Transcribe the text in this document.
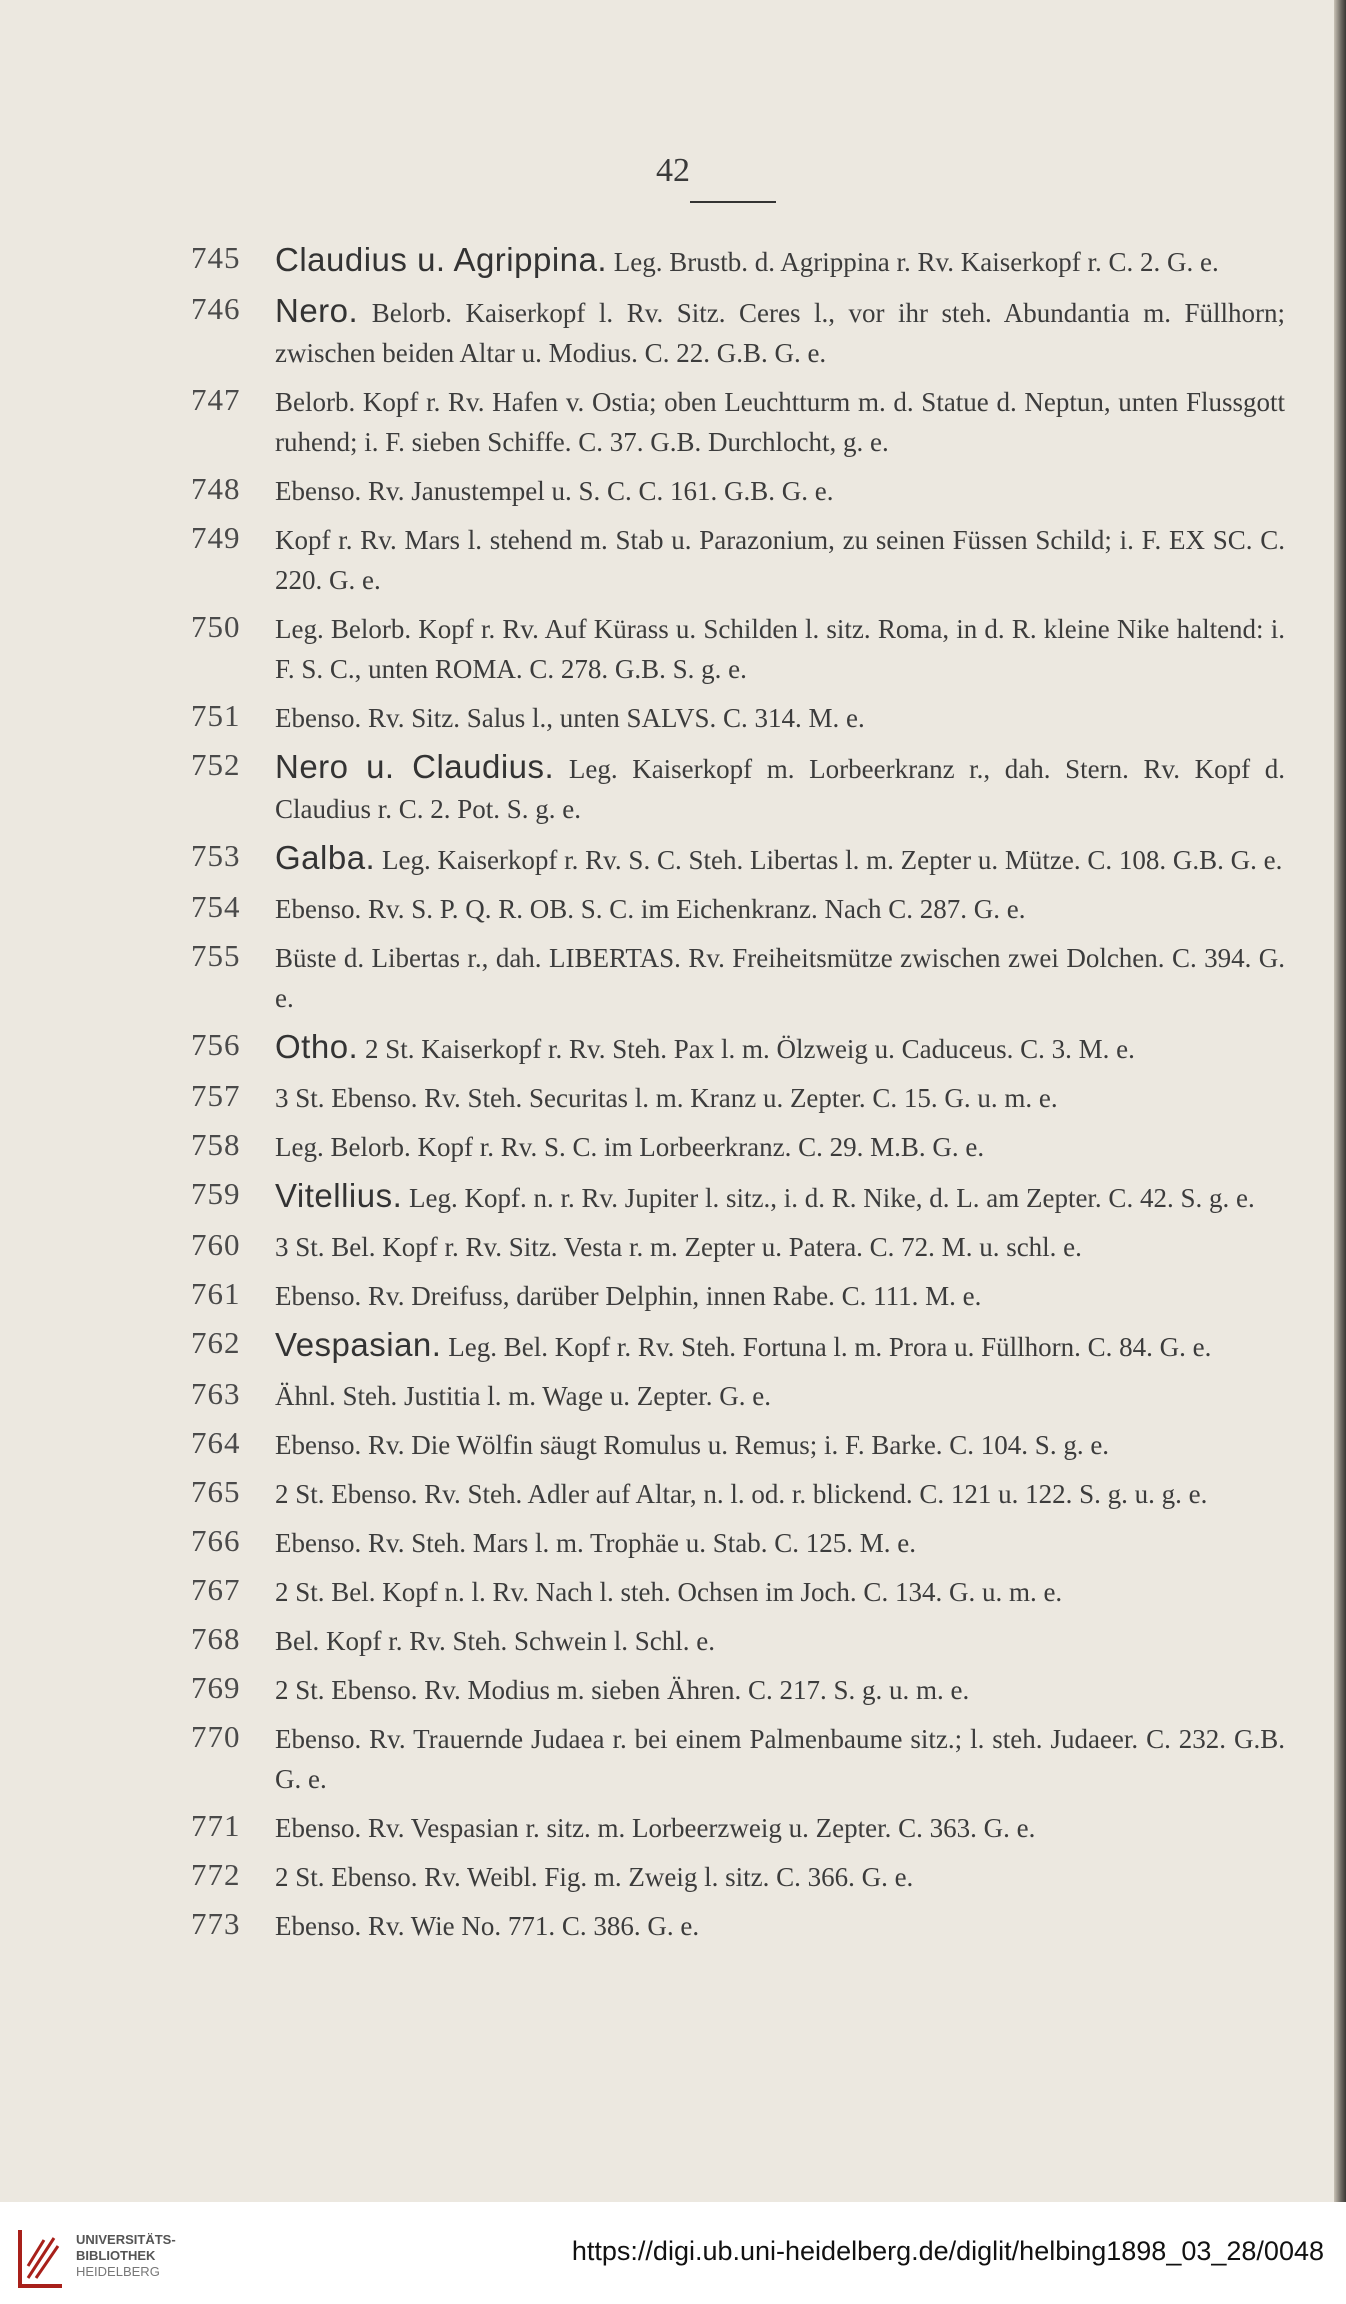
42
745 Claudius u. Agrippina. Leg. Brustb. d. Agrippina r. Rv. Kaiserkopf r. C. 2. G. e.
746 Nero. Belorb. Kaiserkopf l. Rv. Sitz. Ceres l., vor ihr steh. Abundantia m. Füllhorn; zwischen beiden Altar u. Modius. C. 22. G.B. G. e.
747 Belorb. Kopf r. Rv. Hafen v. Ostia; oben Leuchtturm m. d. Statue d. Neptun, unten Flussgott ruhend; i. F. sieben Schiffe. C. 37. G.B. Durchlocht, g. e.
748 Ebenso. Rv. Janustempel u. S. C. C. 161. G.B. G. e.
749 Kopf r. Rv. Mars l. stehend m. Stab u. Parazonium, zu seinen Füssen Schild; i. F. EX SC. C. 220. G. e.
750 Leg. Belorb. Kopf r. Rv. Auf Kürass u. Schilden l. sitz. Roma, in d. R. kleine Nike haltend: i. F. S. C., unten ROMA. C. 278. G.B. S. g. e.
751 Ebenso. Rv. Sitz. Salus l., unten SALVS. C. 314. M. e.
752 Nero u. Claudius. Leg. Kaiserkopf m. Lorbeerkranz r., dah. Stern. Rv. Kopf d. Claudius r. C. 2. Pot. S. g. e.
753 Galba. Leg. Kaiserkopf r. Rv. S. C. Steh. Libertas l. m. Zepter u. Mütze. C. 108. G.B. G. e.
754 Ebenso. Rv. S. P. Q. R. OB. S. C. im Eichenkranz. Nach C. 287. G. e.
755 Büste d. Libertas r., dah. LIBERTAS. Rv. Freiheitsmütze zwischen zwei Dolchen. C. 394. G. e.
756 Otho. 2 St. Kaiserkopf r. Rv. Steh. Pax l. m. Ölzweig u. Caduceus. C. 3. M. e.
757 3 St. Ebenso. Rv. Steh. Securitas l. m. Kranz u. Zepter. C. 15. G. u. m. e.
758 Leg. Belorb. Kopf r. Rv. S. C. im Lorbeerkranz. C. 29. M.B. G. e.
759 Vitellius. Leg. Kopf. n. r. Rv. Jupiter l. sitz., i. d. R. Nike, d. L. am Zepter. C. 42. S. g. e.
760 3 St. Bel. Kopf r. Rv. Sitz. Vesta r. m. Zepter u. Patera. C. 72. M. u. schl. e.
761 Ebenso. Rv. Dreifuss, darüber Delphin, innen Rabe. C. 111. M. e.
762 Vespasian. Leg. Bel. Kopf r. Rv. Steh. Fortuna l. m. Prora u. Füllhorn. C. 84. G. e.
763 Ähnl. Steh. Justitia l. m. Wage u. Zepter. G. e.
764 Ebenso. Rv. Die Wölfin säugt Romulus u. Remus; i. F. Barke. C. 104. S. g. e.
765 2 St. Ebenso. Rv. Steh. Adler auf Altar, n. l. od. r. blickend. C. 121 u. 122. S. g. u. g. e.
766 Ebenso. Rv. Steh. Mars l. m. Trophäe u. Stab. C. 125. M. e.
767 2 St. Bel. Kopf n. l. Rv. Nach l. steh. Ochsen im Joch. C. 134. G. u. m. e.
768 Bel. Kopf r. Rv. Steh. Schwein l. Schl. e.
769 2 St. Ebenso. Rv. Modius m. sieben Ähren. C. 217. S. g. u. m. e.
770 Ebenso. Rv. Trauernde Judaea r. bei einem Palmenbaume sitz.; l. steh. Judaeer. C. 232. G.B. G. e.
771 Ebenso. Rv. Vespasian r. sitz. m. Lorbeerzweig u. Zepter. C. 363. G. e.
772 2 St. Ebenso. Rv. Weibl. Fig. m. Zweig l. sitz. C. 366. G. e.
773 Ebenso. Rv. Wie No. 771. C. 386. G. e.
UNIVERSITÄTS-
BIBLIOTHEK
HEIDELBERG
https://digi.ub.uni-heidelberg.de/diglit/helbing1898_03_28/0048
